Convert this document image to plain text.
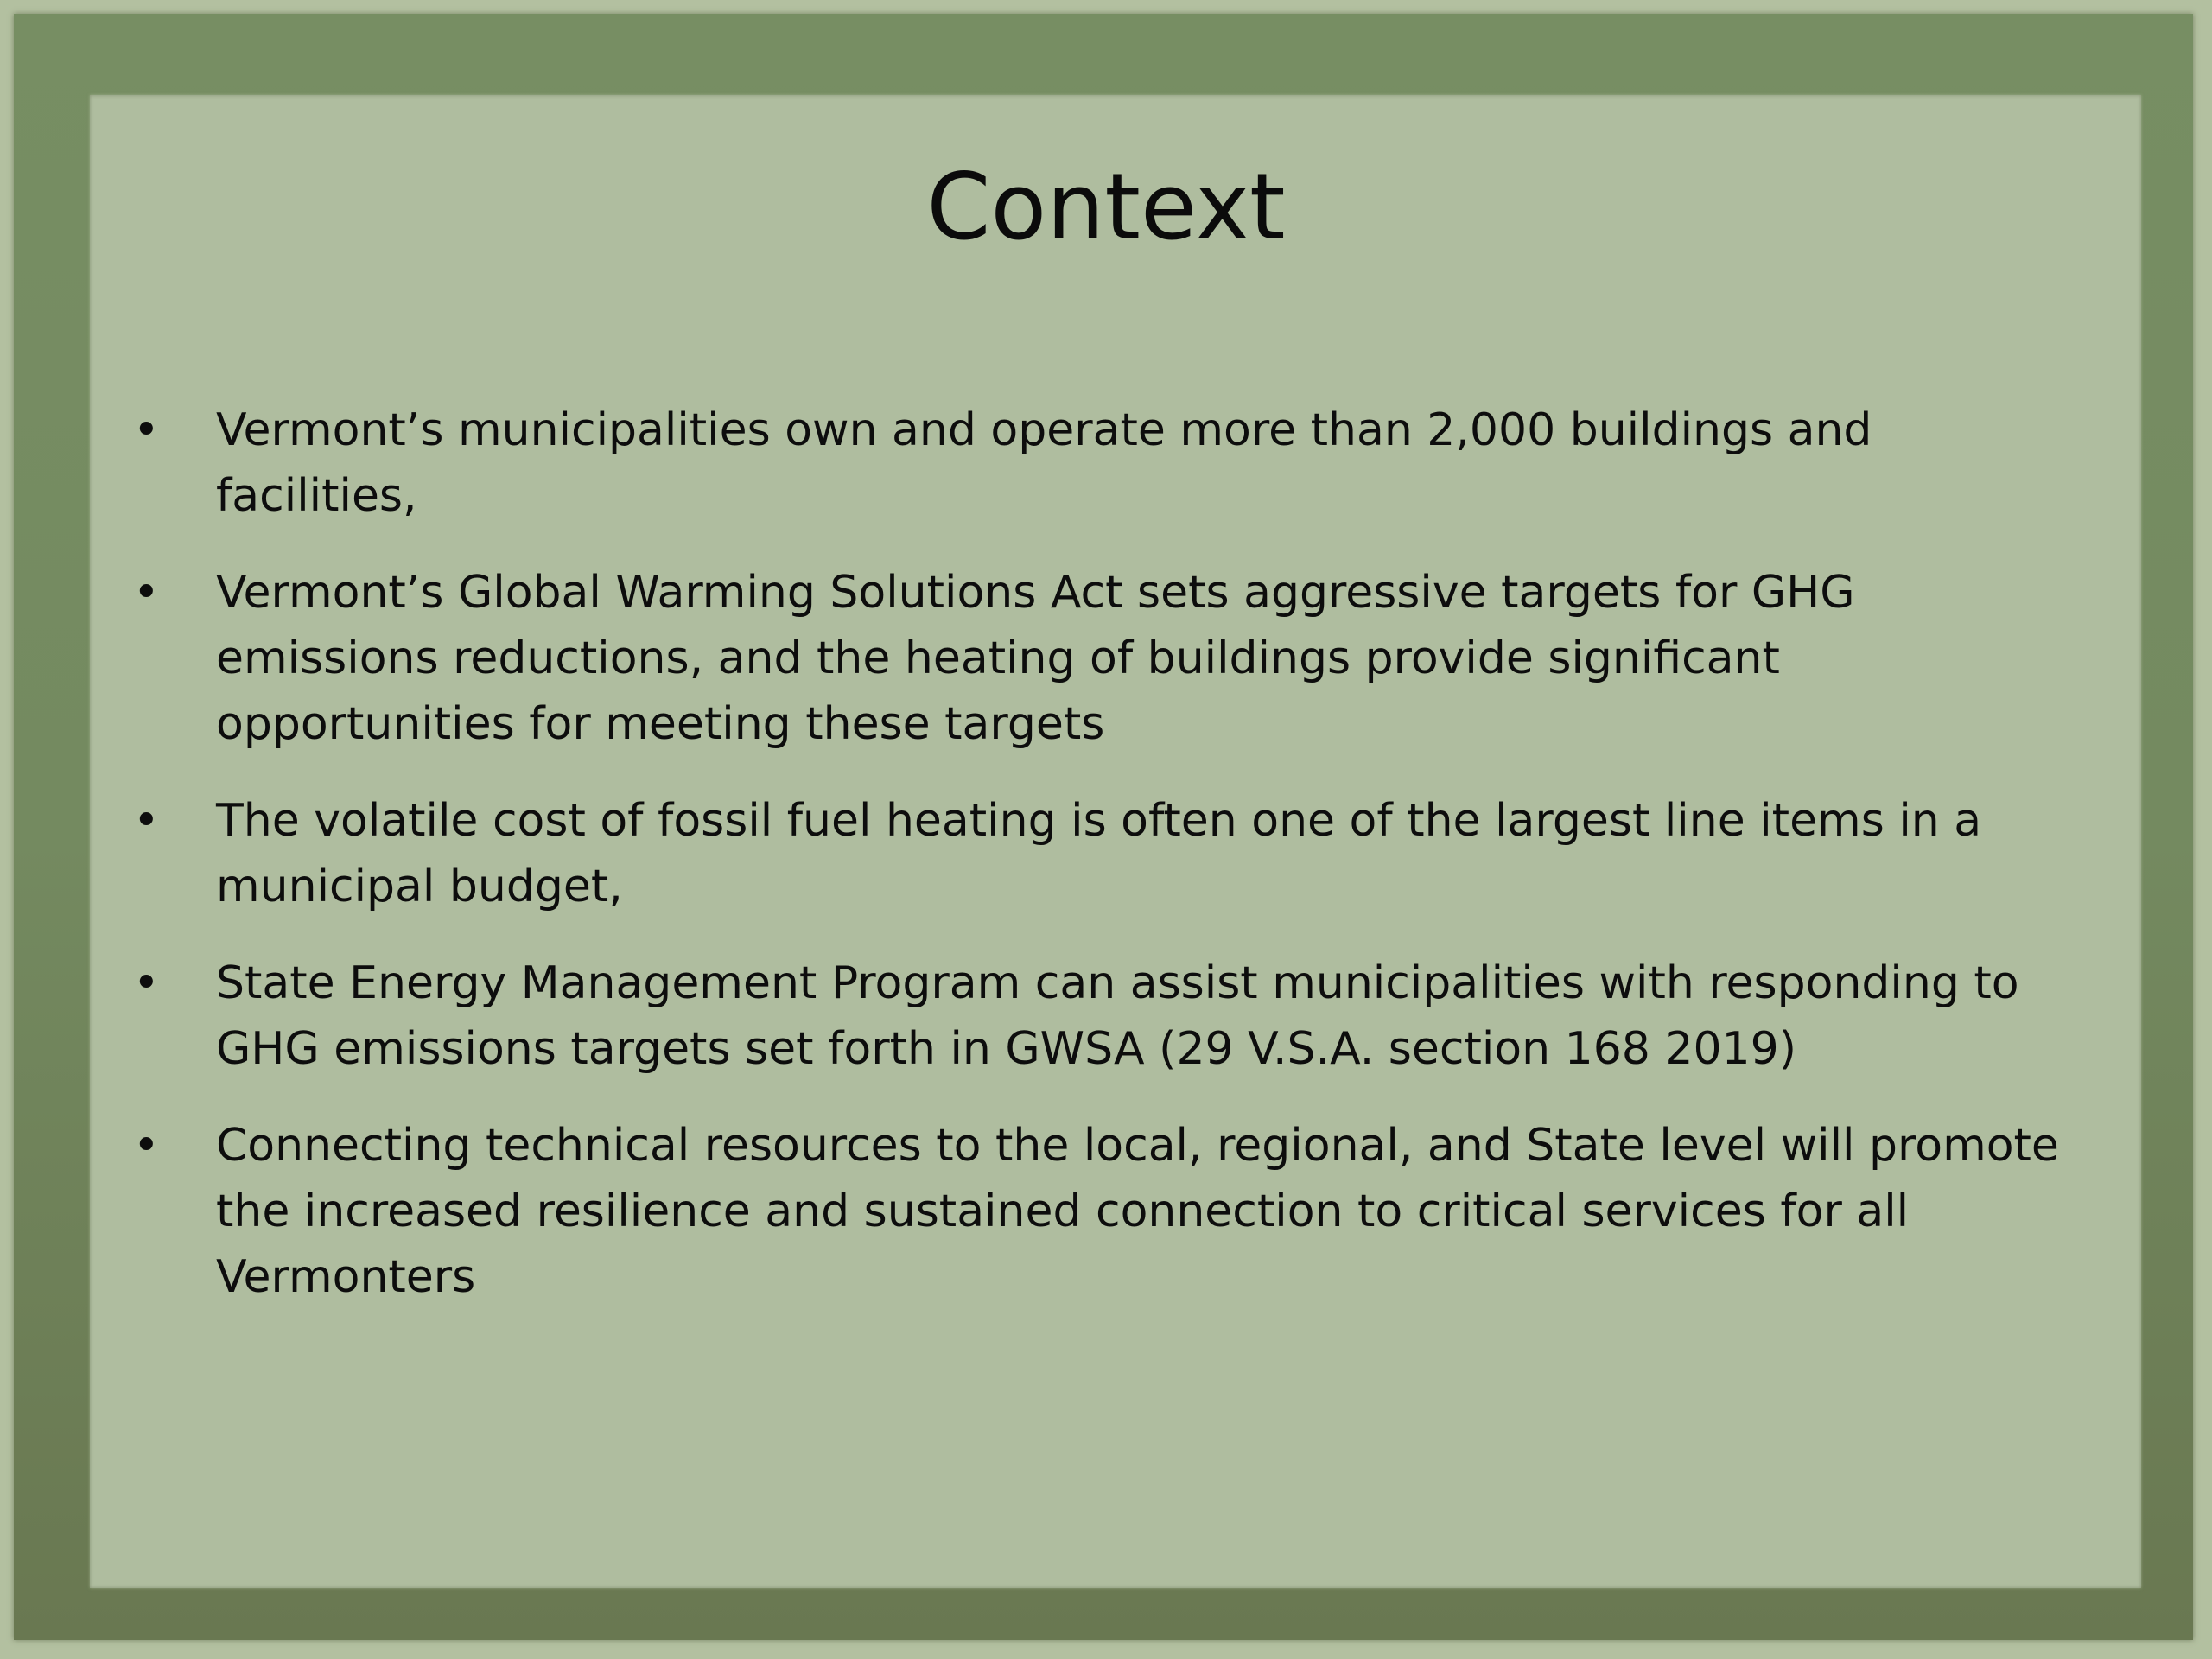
Context
• Vermont’s municipalities own and operate more than 2,000 buildings and facilities,
• Vermont’s Global Warming Solutions Act sets aggressive targets for GHG emissions reductions, and the heating of buildings provide significant opportunities for meeting these targets
• The volatile cost of fossil fuel heating is often one of the largest line items in a municipal budget,
• State Energy Management Program can assist municipalities with responding to GHG emissions targets set forth in GWSA (29 V.S.A. section 168 2019)
• Connecting technical resources to the local, regional, and State level will promote the increased resilience and sustained connection to critical services for all Vermonters
